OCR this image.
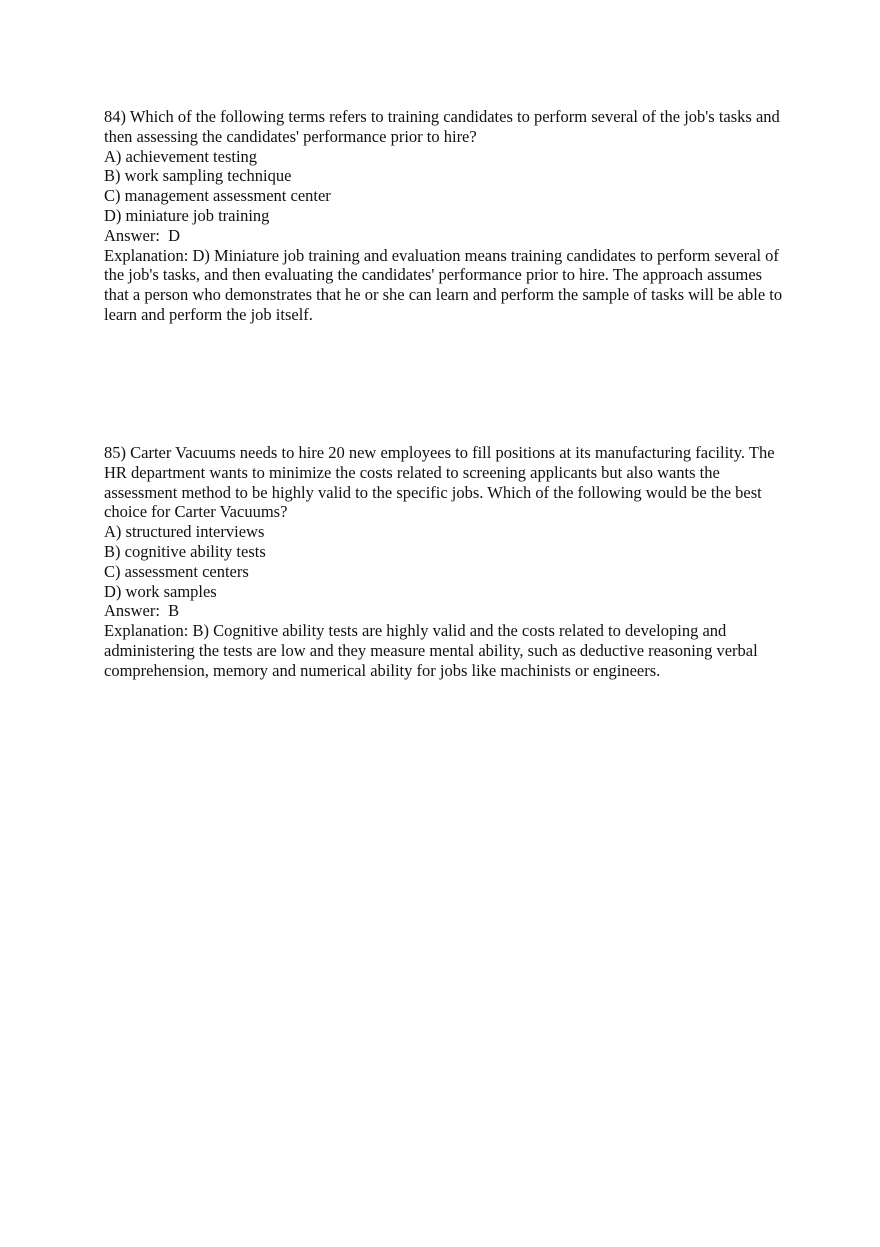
84) Which of the following terms refers to training candidates to perform several of the job's tasks and then assessing the candidates' performance prior to hire?
A) achievement testing
B) work sampling technique
C) management assessment center
D) miniature job training
Answer:  D
Explanation: D) Miniature job training and evaluation means training candidates to perform several of the job's tasks, and then evaluating the candidates' performance prior to hire. The approach assumes that a person who demonstrates that he or she can learn and perform the sample of tasks will be able to learn and perform the job itself.
85) Carter Vacuums needs to hire 20 new employees to fill positions at its manufacturing facility. The HR department wants to minimize the costs related to screening applicants but also wants the assessment method to be highly valid to the specific jobs. Which of the following would be the best choice for Carter Vacuums?
A) structured interviews
B) cognitive ability tests
C) assessment centers
D) work samples
Answer:  B
Explanation: B) Cognitive ability tests are highly valid and the costs related to developing and administering the tests are low and they measure mental ability, such as deductive reasoning verbal comprehension, memory and numerical ability for jobs like machinists or engineers.
